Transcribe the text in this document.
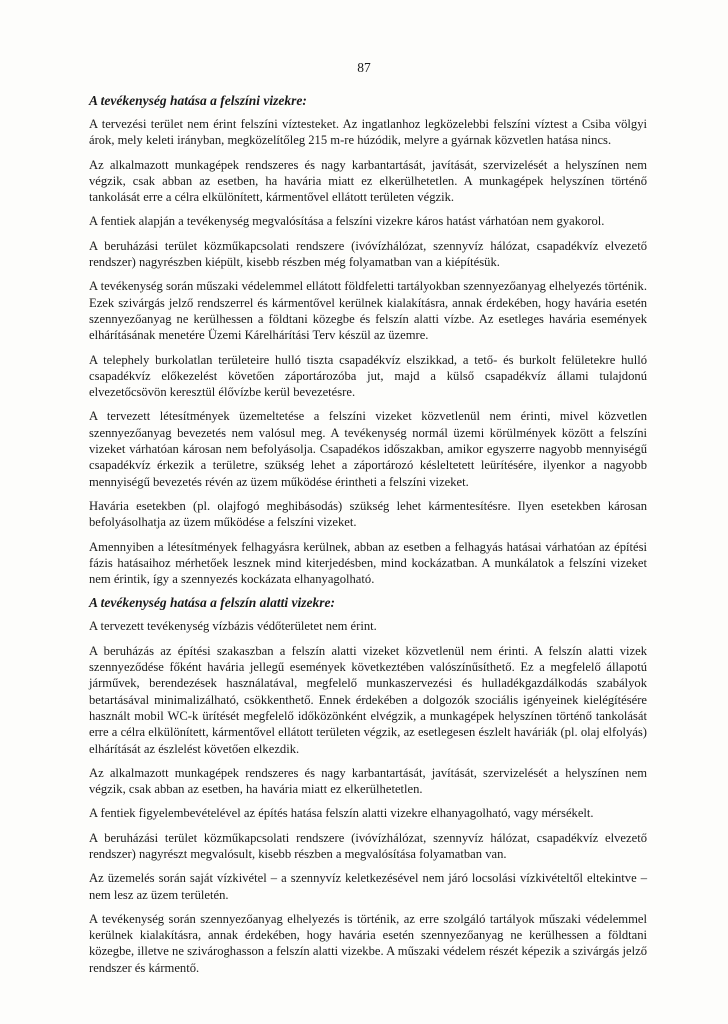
87
A tevékenység hatása a felszíni vizekre:

A tervezési terület nem érint felszíni víztesteket. Az ingatlanhoz legközelebbi felszíni víztest a Csiba völgyi árok, mely keleti irányban, megközelítőleg 215 m-re húzódik, melyre a gyárnak közvetlen hatása nincs.

Az alkalmazott munkagépek rendszeres és nagy karbantartását, javítását, szervizelését a helyszínen nem végzik, csak abban az esetben, ha havária miatt ez elkerülhetetlen. A munkagépek helyszínen történő tankolását erre a célra elkülönített, kármentővel ellátott területen végzik.

A fentiek alapján a tevékenység megvalósítása a felszíni vizekre káros hatást várhatóan nem gyakorol.

A beruházási terület közműkapcsolati rendszere (ivóvízhálózat, szennyvíz hálózat, csapadékvíz elvezető rendszer) nagyrészben kiépült, kisebb részben még folyamatban van a kiépítésük.

A tevékenység során műszaki védelemmel ellátott földfeletti tartályokban szennyezőanyag elhelyezés történik. Ezek szivárgás jelző rendszerrel és kármentővel kerülnek kialakításra, annak érdekében, hogy havária esetén szennyezőanyag ne kerülhessen a földtani közegbe és felszín alatti vízbe. Az esetleges havária események elhárításának menetére Üzemi Kárelhárítási Terv készül az üzemre.

A telephely burkolatlan területeire hulló tiszta csapadékvíz elszikkad, a tető- és burkolt felületekre hulló csapadékvíz előkezelést követően záportározóba jut, majd a külső csapadékvíz állami tulajdonú elvezetőcsövön keresztül élővízbe kerül bevezetésre.

A tervezett létesítmények üzemeltetése a felszíni vizeket közvetlenül nem érinti, mivel közvetlen szennyezőanyag bevezetés nem valósul meg. A tevékenység normál üzemi körülmények között a felszíni vizeket várhatóan károsan nem befolyásolja. Csapadékos időszakban, amikor egyszerre nagyobb mennyiségű csapadékvíz érkezik a területre, szükség lehet a záportározó késleltetett leürítésére, ilyenkor a nagyobb mennyiségű bevezetés révén az üzem működése érintheti a felszíni vizeket.

Havária esetekben (pl. olajfogó meghibásodás) szükség lehet kármentesítésre. Ilyen esetekben károsan befolyásolhatja az üzem működése a felszíni vizeket.

Amennyiben a létesítmények felhagyásra kerülnek, abban az esetben a felhagyás hatásai várhatóan az építési fázis hatásaihoz mérhetőek lesznek mind kiterjedésben, mind kockázatban. A munkálatok a felszíni vizeket nem érintik, így a szennyezés kockázata elhanyagolható.

A tevékenység hatása a felszín alatti vizekre:

A tervezett tevékenység vízbázis védőterületet nem érint.

A beruházás az építési szakaszban a felszín alatti vizeket közvetlenül nem érinti. A felszín alatti vizek szennyeződése főként havária jellegű események következtében valószínűsíthető. Ez a megfelelő állapotú járművek, berendezések használatával, megfelelő munkaszervezési és hulladékgazdálkodás szabályok betartásával minimalizálható, csökkenthető. Ennek érdekében a dolgozók szociális igényeinek kielégítésére használt mobil WC-k ürítését megfelelő időközönként elvégzik, a munkagépek helyszínen történő tankolását erre a célra elkülönített, kármentővel ellátott területen végzik, az esetlegesen észlelt haváriák (pl. olaj elfolyás) elhárítását az észlelést követően elkezdik.

Az alkalmazott munkagépek rendszeres és nagy karbantartását, javítását, szervizelését a helyszínen nem végzik, csak abban az esetben, ha havária miatt ez elkerülhetetlen.

A fentiek figyelembevételével az építés hatása felszín alatti vizekre elhanyagolható, vagy mérsékelt.

A beruházási terület közműkapcsolati rendszere (ivóvízhálózat, szennyvíz hálózat, csapadékvíz elvezető rendszer) nagyrészt megvalósult, kisebb részben a megvalósítása folyamatban van.

Az üzemelés során saját vízkivétel – a szennyvíz keletkezésével nem járó locsolási vízkivételtől eltekintve – nem lesz az üzem területén.

A tevékenység során szennyezőanyag elhelyezés is történik, az erre szolgáló tartályok műszaki védelemmel kerülnek kialakításra, annak érdekében, hogy havária esetén szennyezőanyag ne kerülhessen a földtani közegbe, illetve ne szivároghasson a felszín alatti vizekbe. A műszaki védelem részét képezik a szivárgás jelző rendszer és kármentő.
